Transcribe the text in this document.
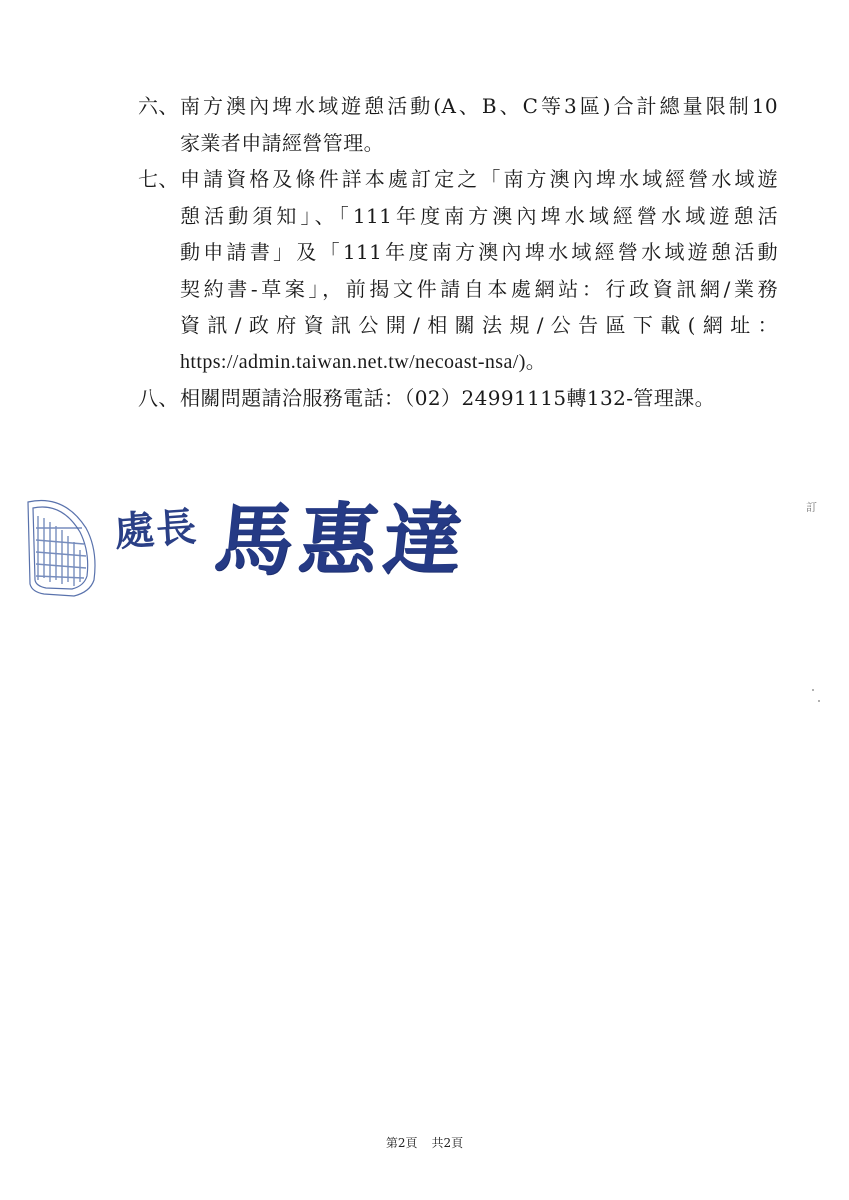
六、 南方澳內埤水域遊憩活動(A、B、C等3區)合計總量限制10
家業者申請經營管理。
七、 申請資格及條件詳本處訂定之「南方澳內埤水域經營水域遊
憩活動須知」、「111年度南方澳內埤水域經營水域遊憩活
動申請書」及「111年度南方澳內埤水域經營水域遊憩活動
契約書-草案」，前揭文件請自本處網站：行政資訊網/業務
資訊/政府資訊公開/相關法規/公告區下載(網址：
https://admin.taiwan.net.tw/necoast-nsa/)。
八、 相關問題請洽服務電話：（02）24991115轉132-管理課。
處長 馬惠達	訂
第2頁 共2頁
